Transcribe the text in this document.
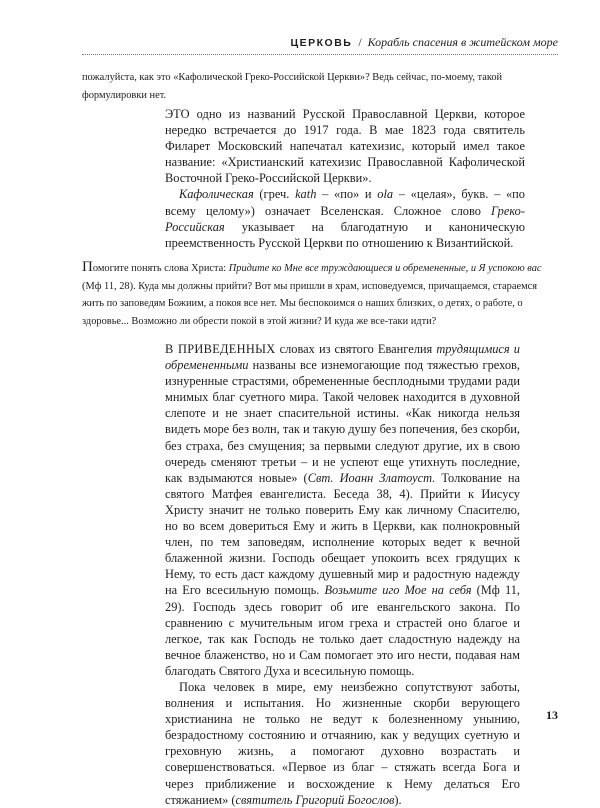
ЦЕРКОВЬ / Корабль спасения в житейском море

пожалуйста, как это «Кафолической Греко-Российской Церкви»? Ведь сейчас, по-моему, такой формулировки нет.

ЭТО одно из названий Русской Православной Церкви, которое нередко встречается до 1917 года. В мае 1823 года святитель Филарет Московский напечатал катехизис, который имел такое название: «Христианский катехизис Православной Кафолической Восточной Греко-Российской Церкви».

Кафолическая (греч. kath – «по» и ola – «целая», букв. – «по всему целому») означает Вселенская. Сложное слово Греко-Российская указывает на благодатную и каноническую преемственность Русской Церкви по отношению к Византийской.

Помогите понять слова Христа: Придите ко Мне все труждающиеся и обремененные, и Я успокою вас (Мф 11, 28). Куда мы должны прийти? Вот мы пришли в храм, исповедуемся, причащаемся, стараемся жить по заповедям Божиим, а покоя все нет. Мы беспокоимся о наших близких, о детях, о работе, о здоровье... Возможно ли обрести покой в этой жизни? И куда же все-таки идти?

В ПРИВЕДЕННЫХ словах из святого Евангелия трудящимися и обремененными названы все изнемогающие под тяжестью грехов, изнуренные страстями, обремененные бесплодными трудами ради мнимых благ суетного мира. Такой человек находится в духовной слепоте и не знает спасительной истины. «Как никогда нельзя видеть море без волн, так и такую душу без попечения, без скорби, без страха, без смущения; за первыми следуют другие, их в свою очередь сменяют третьи – и не успеют еще утихнуть последние, как вздымаются новые» (Свт. Иоанн Златоуст. Толкование на святого Матфея евангелиста. Беседа 38, 4). Прийти к Иисусу Христу значит не только поверить Ему как личному Спасителю, но во всем довериться Ему и жить в Церкви, как полнокровный член, по тем заповедям, исполнение которых ведет к вечной блаженной жизни. Господь обещает упокоить всех грядущих к Нему, то есть даст каждому душевный мир и радостную надежду на Его всесильную помощь. Возьмите иго Мое на себя (Мф 11, 29). Господь здесь говорит об иге евангельского закона. По сравнению с мучительным игом греха и страстей оно благое и легкое, так как Господь не только дает сладостную надежду на вечное блаженство, но и Сам помогает это иго нести, подавая нам благодать Святого Духа и всесильную помощь.

Пока человек в мире, ему неизбежно сопутствуют заботы, волнения и испытания. Но жизненные скорби верующего христианина не только не ведут к болезненному унынию, безрадостному состоянию и отчаянию, как у ведущих суетную и греховную жизнь, а помогают духовно возрастать и совершенствоваться. «Первое из благ – стяжать всегда Бога и через приближение и восхождение к Нему делаться Его стяжанием» (святитель Григорий Богослов).

13
